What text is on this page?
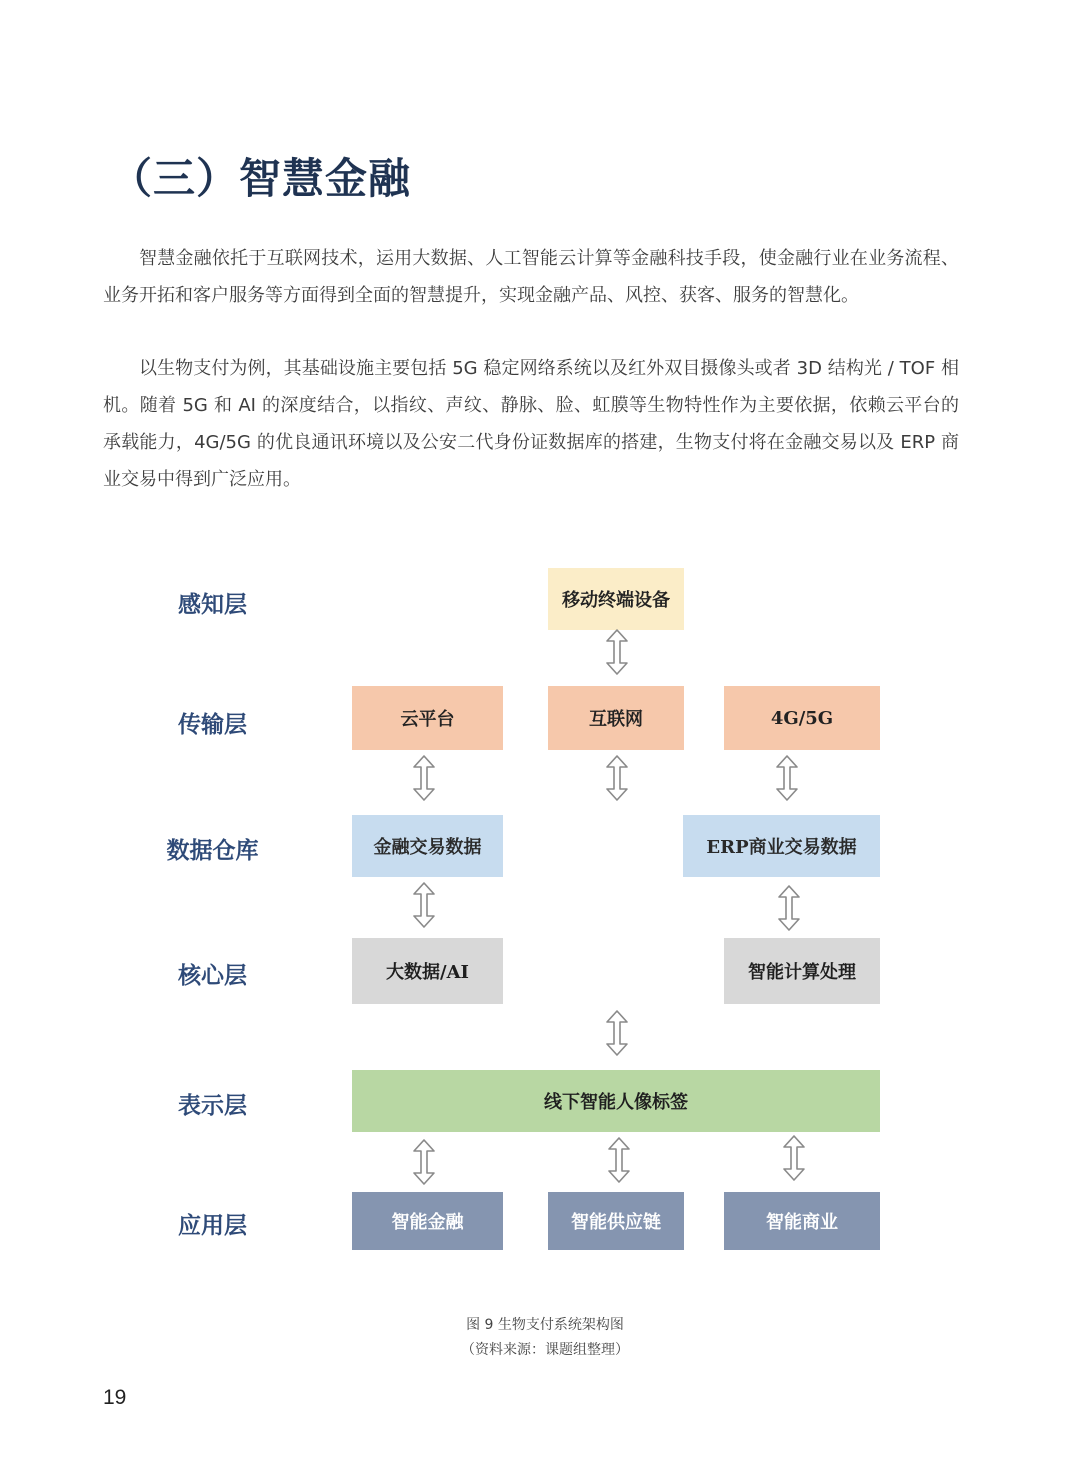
（三）智慧金融

智慧金融依托于互联网技术，运用大数据、人工智能云计算等金融科技手段，使金融行业在业务流程、业务开拓和客户服务等方面得到全面的智慧提升，实现金融产品、风控、获客、服务的智慧化。

以生物支付为例，其基础设施主要包括 5G 稳定网络系统以及红外双目摄像头或者 3D 结构光 / TOF 相机。随着 5G 和 AI 的深度结合，以指纹、声纹、静脉、脸、虹膜等生物特性作为主要依据，依赖云平台的承载能力，4G/5G 的优良通讯环境以及公安二代身份证数据库的搭建，生物支付将在金融交易以及 ERP 商业交易中得到广泛应用。

感知层
传输层
数据仓库
核心层
表示层
应用层
移动终端设备
云平台	互联网	4G/5G
金融交易数据	ERP商业交易数据
大数据/AI	智能计算处理
线下智能人像标签
智能金融	智能供应链	智能商业
图 9 生物支付系统架构图
（资料来源：课题组整理）
19
